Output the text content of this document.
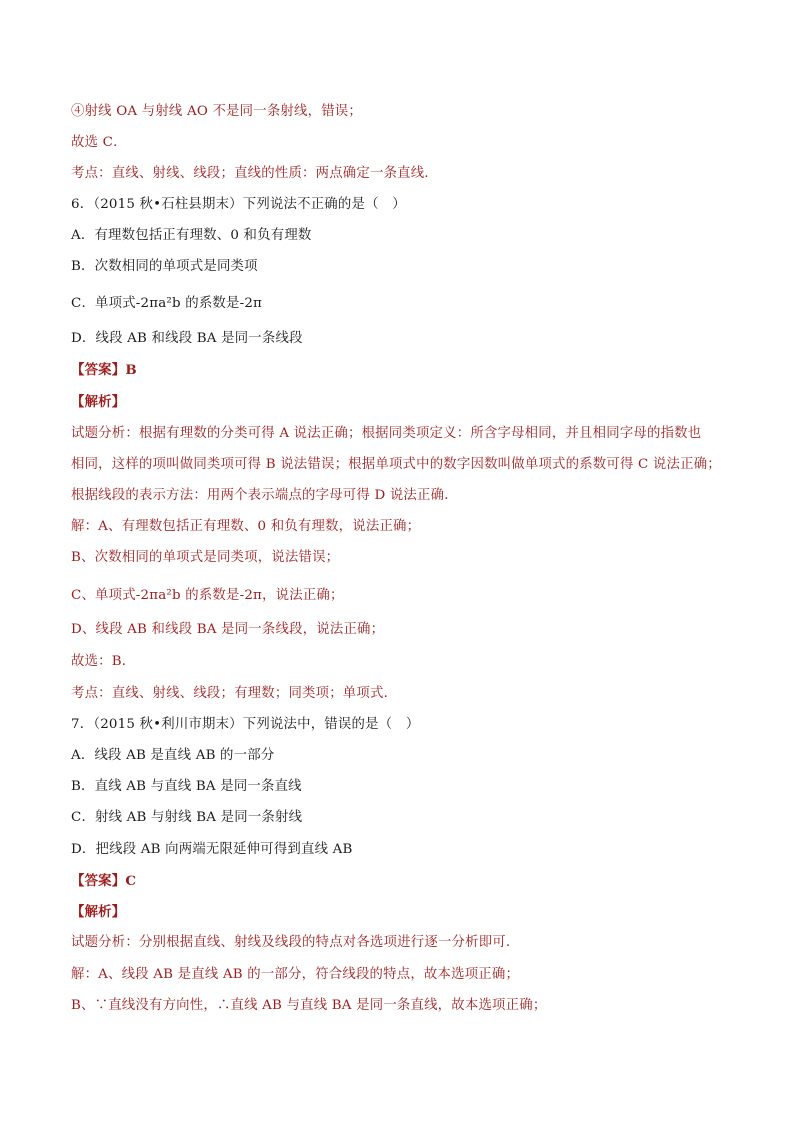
④射线 OA 与射线 AO 不是同一条射线，错误；
故选 C．
考点：直线、射线、线段；直线的性质：两点确定一条直线．
6．（2015 秋•石柱县期末）下列说法不正确的是（　）
A．有理数包括正有理数、0 和负有理数
B．次数相同的单项式是同类项
C．单项式-2πa²b 的系数是-2π
D．线段 AB 和线段 BA 是同一条线段
【答案】B
【解析】
试题分析：根据有理数的分类可得 A 说法正确；根据同类项定义：所含字母相同，并且相同字母的指数也
相同，这样的项叫做同类项可得 B 说法错误；根据单项式中的数字因数叫做单项式的系数可得 C 说法正确；
根据线段的表示方法：用两个表示端点的字母可得 D 说法正确．
解：A、有理数包括正有理数、0 和负有理数，说法正确；
B、次数相同的单项式是同类项，说法错误；
C、单项式-2πa²b 的系数是-2π，说法正确；
D、线段 AB 和线段 BA 是同一条线段，说法正确；
故选：B．
考点：直线、射线、线段；有理数；同类项；单项式．
7．（2015 秋•利川市期末）下列说法中，错误的是（　）
A．线段 AB 是直线 AB 的一部分
B．直线 AB 与直线 BA 是同一条直线
C．射线 AB 与射线 BA 是同一条射线
D．把线段 AB 向两端无限延伸可得到直线 AB
【答案】C
【解析】
试题分析：分别根据直线、射线及线段的特点对各选项进行逐一分析即可．
解：A、线段 AB 是直线 AB 的一部分，符合线段的特点，故本选项正确；
B、∵直线没有方向性，∴直线 AB 与直线 BA 是同一条直线，故本选项正确；
